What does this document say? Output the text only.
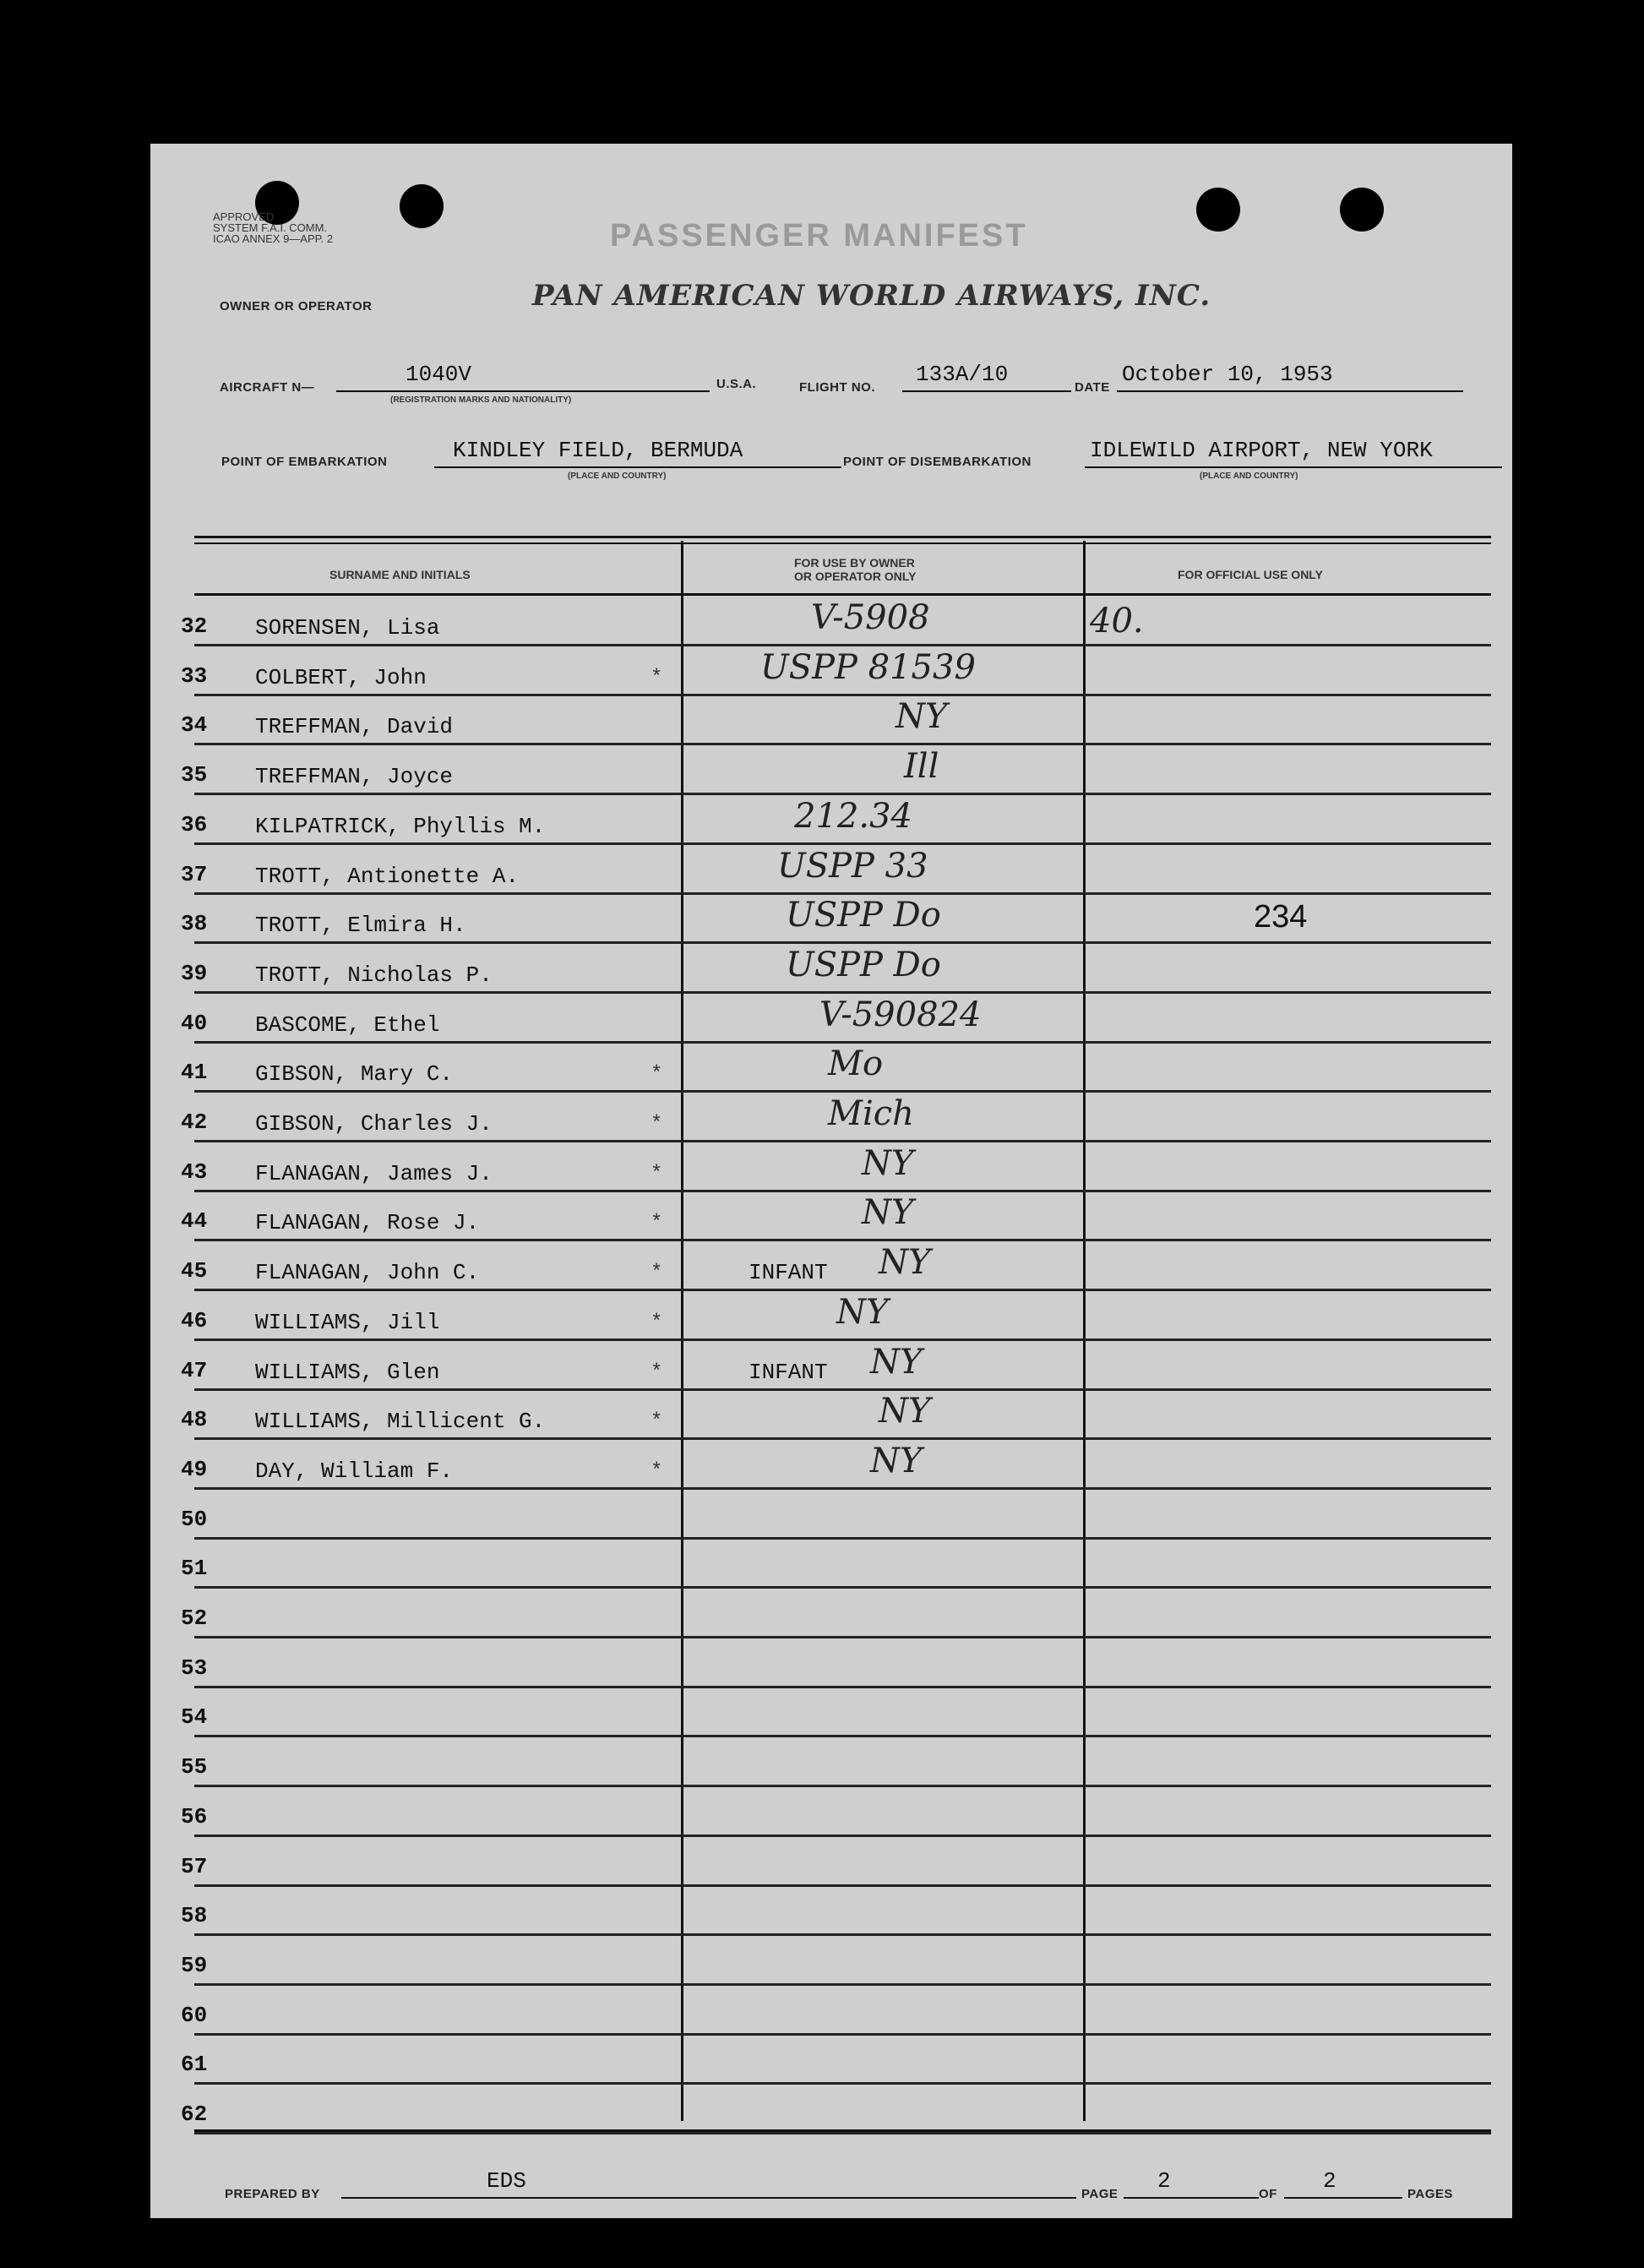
APPROVED
SYSTEM F.A.I. COMM.
ICAO ANNEX 9—APP. 2	PASSENGER MANIFEST
OWNER OR OPERATOR	PAN AMERICAN WORLD AIRWAYS, INC.
AIRCRAFT N—
1040V
(REGISTRATION MARKS AND NATIONALITY)
U.S.A.	FLIGHT NO.
133A/10
DATE
October 10, 1953
POINT OF EMBARKATION	KINDLEY FIELD, BERMUDA
(PLACE AND COUNTRY)
POINT OF DISEMBARKATION	IDLEWILD AIRPORT, NEW YORK
(PLACE AND COUNTRY)
SURNAME AND INITIALS
FOR USE BY OWNER
OR OPERATOR ONLY	FOR OFFICIAL USE ONLY
32 SORENSEN, Lisa	V-5908	40.
33 COLBERT, John	*	USPP 81539
34 TREFFMAN, David	NY
35 TREFFMAN, Joyce	Ill
36 KILPATRICK, Phyllis M.	212.34
37 TROTT, Antionette A.	USPP 33
38 TROTT, Elmira H.	USPP Do	234
39 TROTT, Nicholas P.	USPP Do
40 BASCOME, Ethel	V-590824
41 GIBSON, Mary C.	*	Mo
42 GIBSON, Charles J.	*	Mich
43 FLANAGAN, James J.	*	NY
44 FLANAGAN, Rose J.	*	NY
45 FLANAGAN, John C.	*	INFANT NY
46 WILLIAMS, Jill	*	NY
47 WILLIAMS, Glen	*	INFANT NY
48 WILLIAMS, Millicent G.	*	NY
49 DAY, William F.	*	NY
50
51
52
53
54
55
56
57
58
59
60
61
62
PREPARED BY
EDS
PAGE
2
OF
2
PAGES
